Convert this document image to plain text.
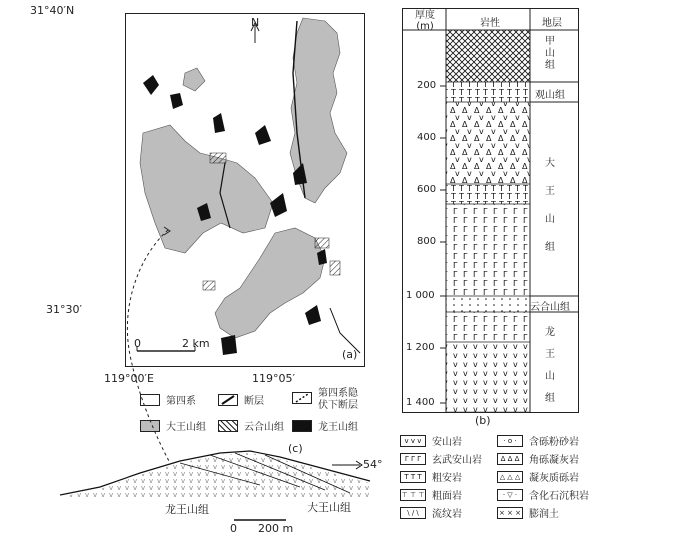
31°40′N
31°30′
119°00′E	119°05′
N
0	2 km
(a)
第四系	断层
第四系隐伏下断层
大王山组	云合山组	龙王山组
厚度 (m)	岩性	地层
200
400
600
800
1 000
1 200
1 400
甲山组
观山组
大王山组
云合山组
龙王山组
(b)
v v v	安山岩	· o ·	含砾粉砂岩
Γ Γ Γ	玄武安山岩	Δ Δ Δ 角砾凝灰岩
T T T	粗安岩	△ △ △ 凝灰质砾岩
⊤ ⊤ ⊤ 粗面岩	· ▽ ·	含化石沉积岩
\ / \	流纹岩	× × × 膨润土
(c)
54°
龙王山组	大王山组
0 200 m
